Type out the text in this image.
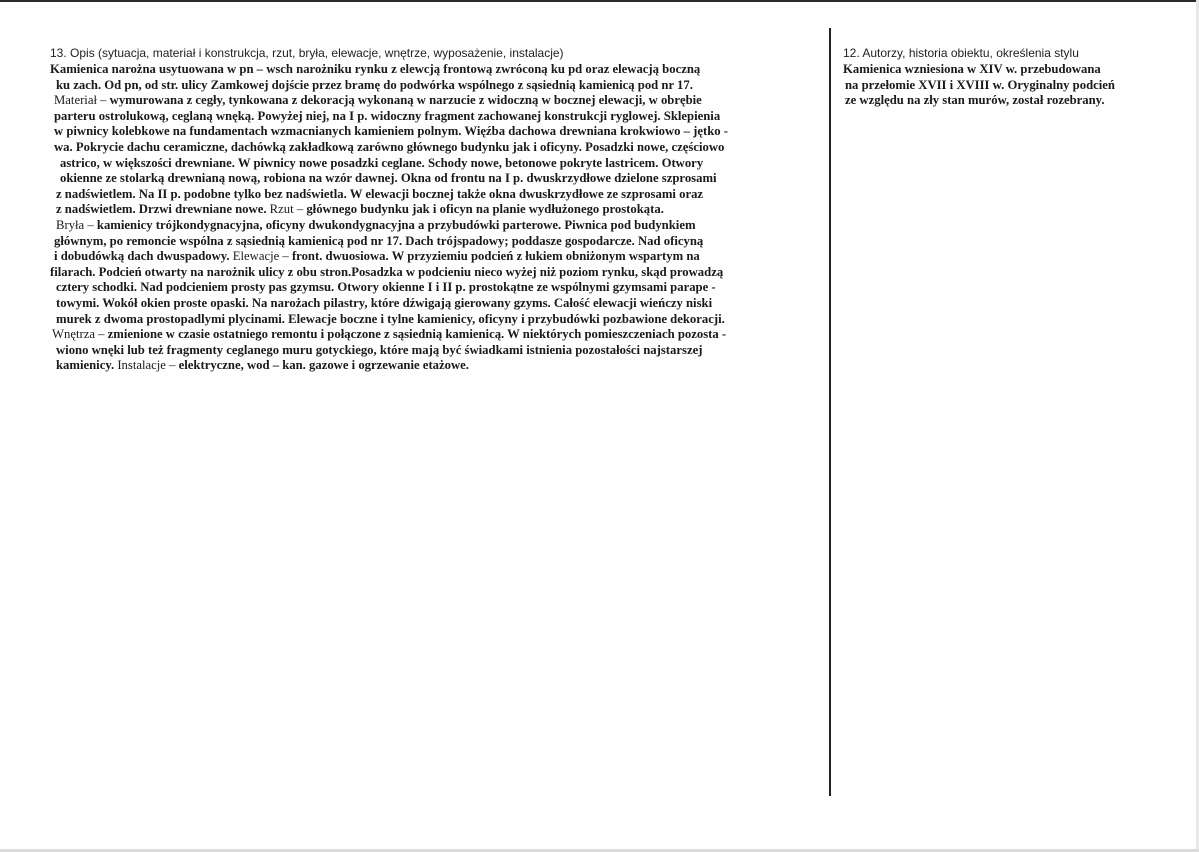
13. Opis (sytuacja, materiał i konstrukcja, rzut, bryła, elewacje, wnętrze, wyposażenie, instalacje)
Kamienica narożna usytuowana w pn – wsch narożniku rynku z elewcją frontową zwróconą ku pd oraz elewacją boczną
ku zach. Od pn, od str. ulicy Zamkowej dojście przez bramę do podwórka wspólnego z sąsiednią kamienicą pod nr 17.
Materiał – wymurowana z cegły, tynkowana z dekoracją wykonaną w narzucie z widoczną w bocznej elewacji, w obrębie
parteru ostrolukową, ceglaną wnęką. Powyżej niej, na I p. widoczny fragment zachowanej konstrukcji ryglowej. Sklepienia
w piwnicy kolebkowe na fundamentach wzmacnianych kamieniem polnym. Więźba dachowa drewniana krokwiowo – jętko -
wa. Pokrycie dachu ceramiczne, dachówką zakładkową zarówno głównego budynku jak i oficyny. Posadzki nowe, częściowo
astrico, w większości drewniane. W piwnicy nowe posadzki ceglane. Schody nowe, betonowe pokryte lastricem. Otwory
okienne ze stolarką drewnianą nową, robiona na wzór dawnej. Okna od frontu na I p. dwuskrzydłowe dzielone szprosami
z nadświetlem. Na II p. podobne tylko bez nadświetla. W elewacji bocznej także okna dwuskrzydłowe ze szprosami oraz
z nadświetlem. Drzwi drewniane nowe. Rzut – głównego budynku jak i oficyn na planie wydłużonego prostokąta.
Bryła – kamienicy trójkondygnacyjna, oficyny dwukondygnacyjna a przybudówki parterowe. Piwnica pod budynkiem
głównym, po remoncie wspólna z sąsiednią kamienicą pod nr 17. Dach trójspadowy; poddasze gospodarcze. Nad oficyną
i dobudówką dach dwuspadowy. Elewacje – front. dwuosiowa. W przyziemiu podcień z łukiem obniżonym wspartym na
filarach. Podcień otwarty na narożnik ulicy z obu stron.Posadzka w podcieniu nieco wyżej niż poziom rynku, skąd prowadzą
cztery schodki. Nad podcieniem prosty pas gzymsu. Otwory okienne I i II p. prostokątne ze wspólnymi gzymsami parape -
towymi. Wokół okien proste opaski. Na narożach pilastry, które dźwigają gierowany gzyms. Całość elewacji wieńczy niski
murek z dwoma prostopadlymi plycinami. Elewacje boczne i tylne kamienicy, oficyny i przybudówki pozbawione dekoracji.
Wnętrza – zmienione w czasie ostatniego remontu i połączone z sąsiednią kamienicą. W niektórych pomieszczeniach pozosta -
wiono wnęki lub też fragmenty ceglanego muru gotyckiego, które mają być świadkami istnienia pozostałości najstarszej
kamienicy. Instalacje – elektryczne, wod – kan. gazowe i ogrzewanie etażowe.
12. Autorzy, historia obiektu, określenia stylu
Kamienica wzniesiona w XIV w. przebudowana
na przełomie XVII i XVIII w. Oryginalny podcień
ze względu na zły stan murów, został rozebrany.
